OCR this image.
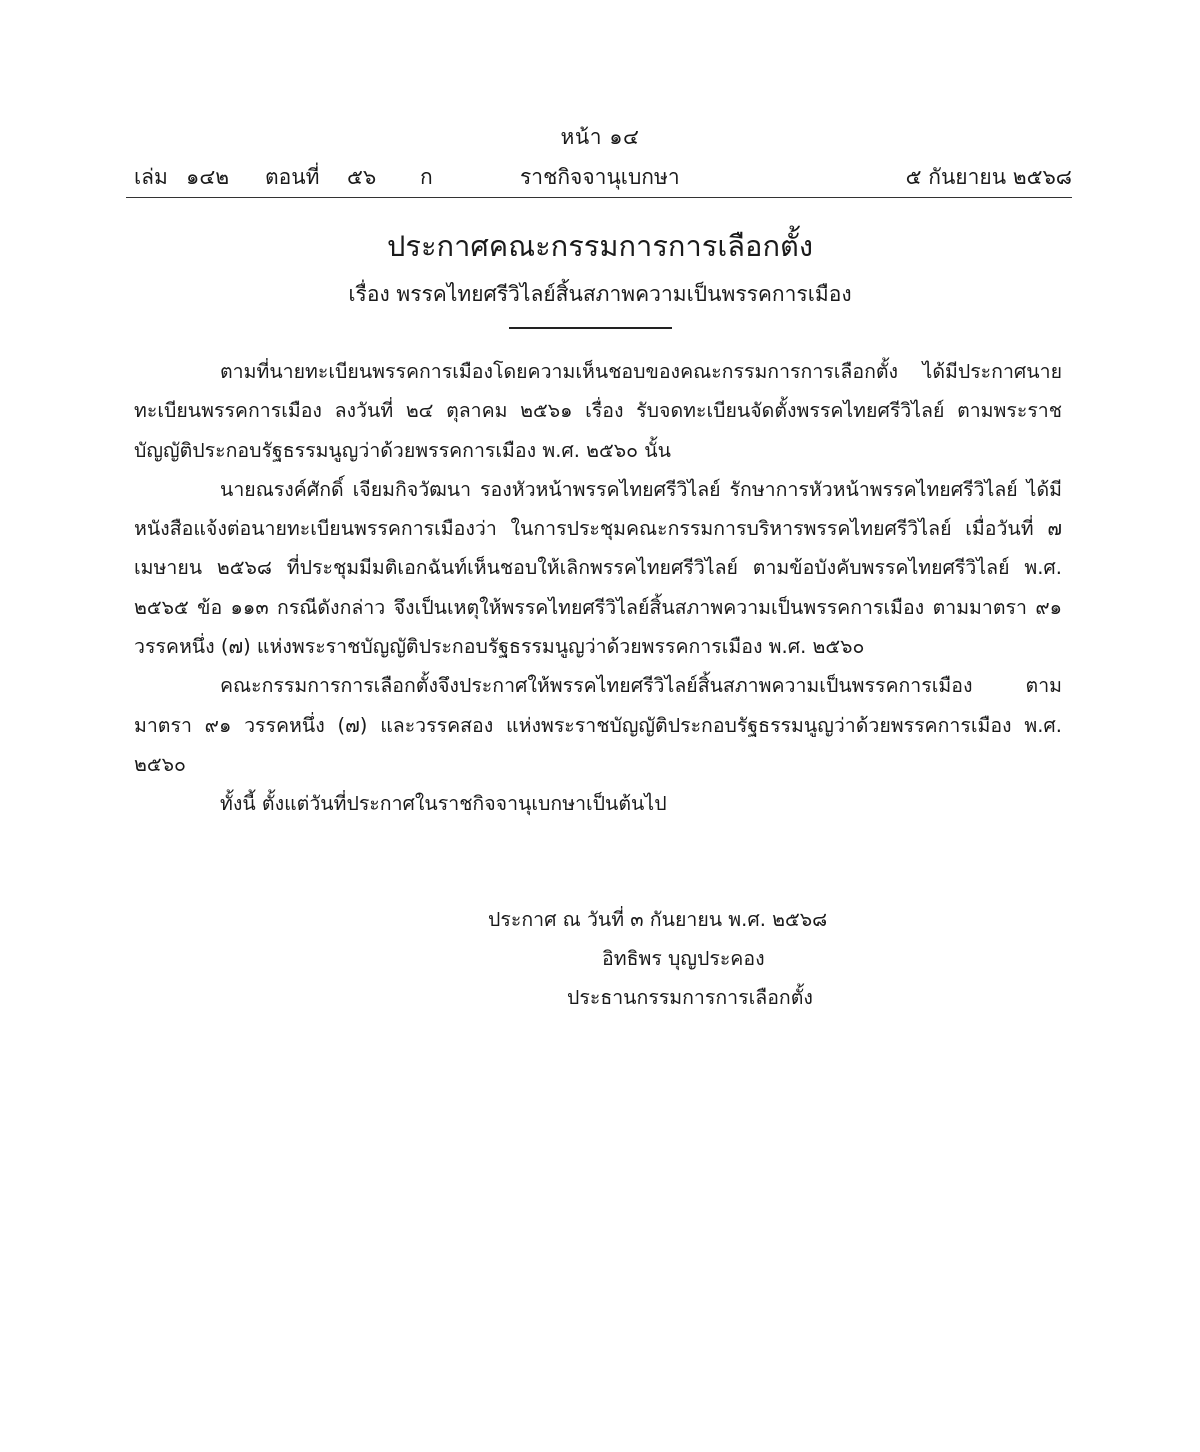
หน้า ๑๔
เล่ม ๑๔๒ ตอนที่ ๕๖ ก	ราชกิจจานุเบกษา	๕ กันยายน ๒๕๖๘
ประกาศคณะกรรมการการเลือกตั้ง
เรื่อง พรรคไทยศรีวิไลย์สิ้นสภาพความเป็นพรรคการเมือง

ตามที่นายทะเบียนพรรคการเมืองโดยความเห็นชอบของคณะกรรมการการเลือกตั้ง ได้มีประกาศนายทะเบียนพรรคการเมือง ลงวันที่ ๒๔ ตุลาคม ๒๕๖๑ เรื่อง รับจดทะเบียนจัดตั้งพรรคไทยศรีวิไลย์ ตามพระราชบัญญัติประกอบรัฐธรรมนูญว่าด้วยพรรคการเมือง พ.ศ. ๒๕๖๐ นั้น

นายณรงค์ศักดิ์ เจียมกิจวัฒนา รองหัวหน้าพรรคไทยศรีวิไลย์ รักษาการหัวหน้าพรรคไทยศรีวิไลย์ ได้มีหนังสือแจ้งต่อนายทะเบียนพรรคการเมืองว่า ในการประชุมคณะกรรมการบริหารพรรคไทยศรีวิไลย์ เมื่อวันที่ ๗ เมษายน ๒๕๖๘ ที่ประชุมมีมติเอกฉันท์เห็นชอบให้เลิกพรรคไทยศรีวิไลย์ ตามข้อบังคับพรรคไทยศรีวิไลย์ พ.ศ. ๒๕๖๕ ข้อ ๑๑๓ กรณีดังกล่าว จึงเป็นเหตุให้พรรคไทยศรีวิไลย์สิ้นสภาพความเป็นพรรคการเมือง ตามมาตรา ๙๑ วรรคหนึ่ง (๗) แห่งพระราชบัญญัติประกอบรัฐธรรมนูญว่าด้วยพรรคการเมือง พ.ศ. ๒๕๖๐

คณะกรรมการการเลือกตั้งจึงประกาศให้พรรคไทยศรีวิไลย์สิ้นสภาพความเป็นพรรคการเมือง ตามมาตรา ๙๑ วรรคหนึ่ง (๗) และวรรคสอง แห่งพระราชบัญญัติประกอบรัฐธรรมนูญว่าด้วยพรรคการเมือง พ.ศ. ๒๕๖๐

ทั้งนี้ ตั้งแต่วันที่ประกาศในราชกิจจานุเบกษาเป็นต้นไป

ประกาศ ณ วันที่ ๓ กันยายน พ.ศ. ๒๕๖๘
อิทธิพร บุญประคอง
ประธานกรรมการการเลือกตั้ง
